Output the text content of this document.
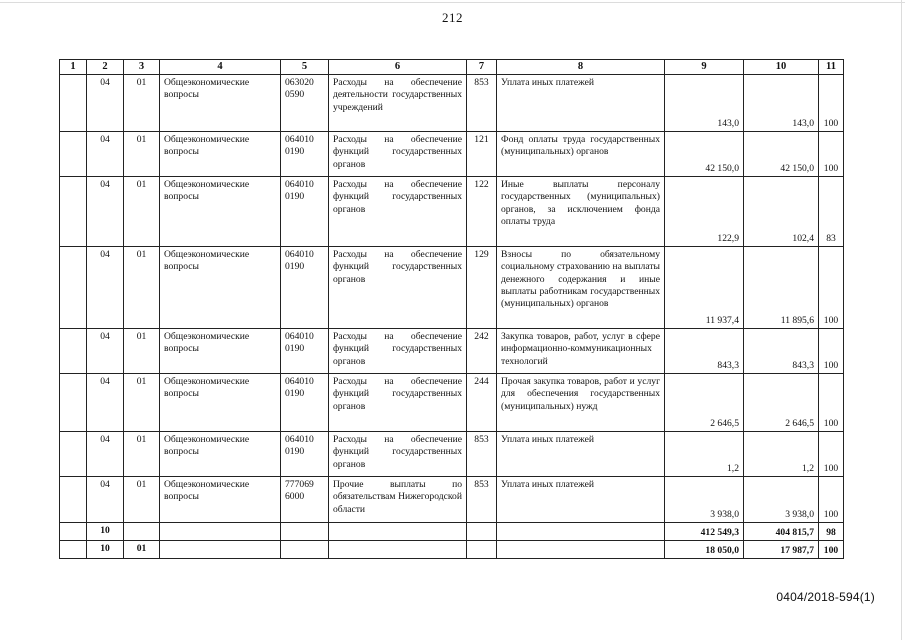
212
1	2	3	4	5	6	7	8	9	10	11
	04	01	Общеэкономические вопросы	063020 0590	Расходы на обеспечение деятельности государственных учреждений	853	Уплата иных платежей	143,0	143,0	100
	04	01	Общеэкономические вопросы	064010 0190	Расходы на обеспечение функций государственных органов	121	Фонд оплаты труда государственных (муниципальных) органов	42 150,0	42 150,0	100
	04	01	Общеэкономические вопросы	064010 0190	Расходы на обеспечение функций государственных органов	122	Иные выплаты персоналу государственных (муниципальных) органов, за исключением фонда оплаты труда	122,9	102,4	83
	04	01	Общеэкономические вопросы	064010 0190	Расходы на обеспечение функций государственных органов	129	Взносы по обязательному социальному страхованию на выплаты денежного содержания и иные выплаты работникам государственных (муниципальных) органов	11 937,4	11 895,6	100
	04	01	Общеэкономические вопросы	064010 0190	Расходы на обеспечение функций государственных органов	242	Закупка товаров, работ, услуг в сфере информационно-коммуникационных технологий	843,3	843,3	100
	04	01	Общеэкономические вопросы	064010 0190	Расходы на обеспечение функций государственных органов	244	Прочая закупка товаров, работ и услуг для обеспечения государственных (муниципальных) нужд	2 646,5	2 646,5	100
	04	01	Общеэкономические вопросы	064010 0190	Расходы на обеспечение функций государственных органов	853	Уплата иных платежей	1,2	1,2	100
	04	01	Общеэкономические вопросы	777069 6000	Прочие выплаты по обязательствам Нижегородской области	853	Уплата иных платежей	3 938,0	3 938,0	100
	10							412 549,3	404 815,7	98
	10	01						18 050,0	17 987,7	100
0404/2018-594(1)
